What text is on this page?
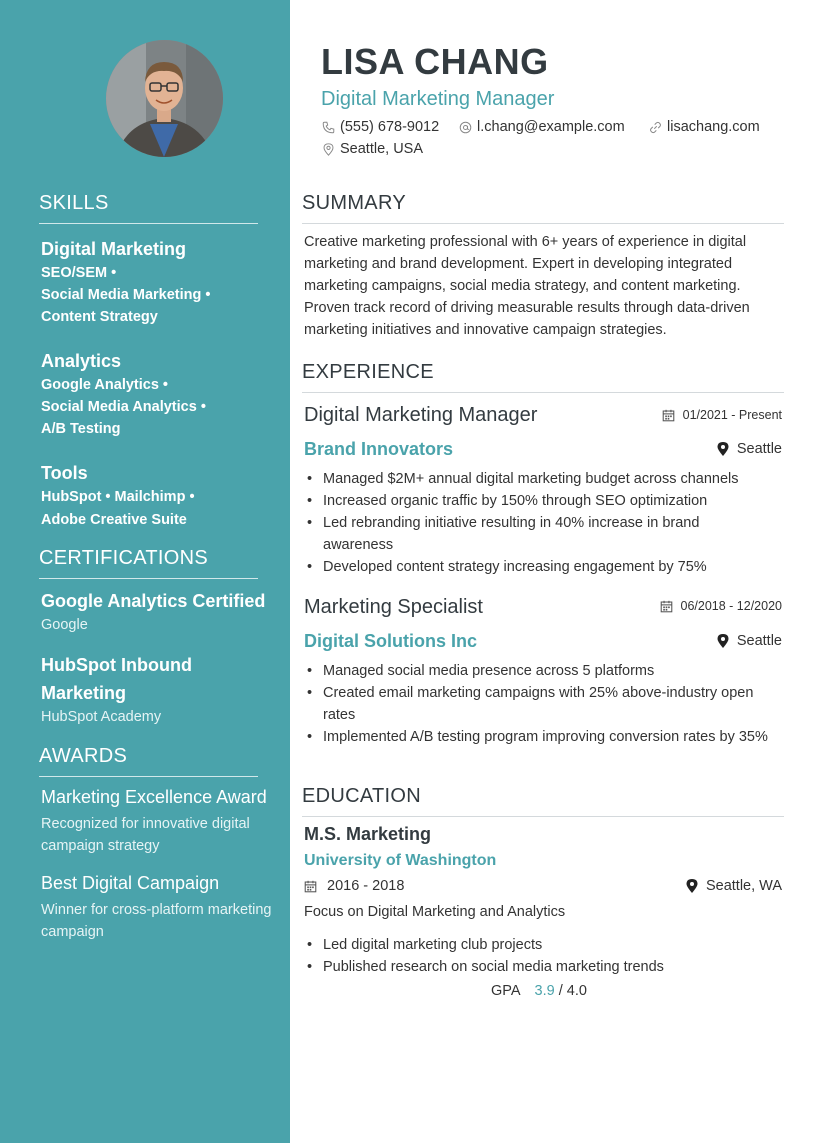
SKILLS
Digital Marketing
SEO/SEM •
Social Media Marketing •
Content Strategy
Analytics
Google Analytics •
Social Media Analytics •
A/B Testing
Tools
HubSpot • Mailchimp •
Adobe Creative Suite
CERTIFICATIONS
Google Analytics Certified
Google
HubSpot Inbound Marketing
HubSpot Academy
AWARDS
Marketing Excellence Award
Recognized for innovative digital campaign strategy
Best Digital Campaign
Winner for cross-platform marketing campaign
LISA CHANG
Digital Marketing Manager
(555) 678-9012	l.chang@example.com	lisachang.com
Seattle, USA
SUMMARY
Creative marketing professional with 6+ years of experience in digital marketing and brand development. Expert in developing integrated marketing campaigns, social media strategy, and content marketing. Proven track record of driving measurable results through data-driven marketing initiatives and innovative campaign strategies.
EXPERIENCE
Digital Marketing Manager	01/2021 - Present
Brand Innovators	Seattle
• Managed $2M+ annual digital marketing budget across channels
• Increased organic traffic by 150% through SEO optimization
• Led rebranding initiative resulting in 40% increase in brand awareness
• Developed content strategy increasing engagement by 75%
Marketing Specialist	06/2018 - 12/2020
Digital Solutions Inc	Seattle
• Managed social media presence across 5 platforms
• Created email marketing campaigns with 25% above-industry open rates
• Implemented A/B testing program improving conversion rates by 35%
EDUCATION
M.S. Marketing
University of Washington
2016 - 2018	Seattle, WA
Focus on Digital Marketing and Analytics
• Led digital marketing club projects
• Published research on social media marketing trends
GPA 3.9 / 4.0
